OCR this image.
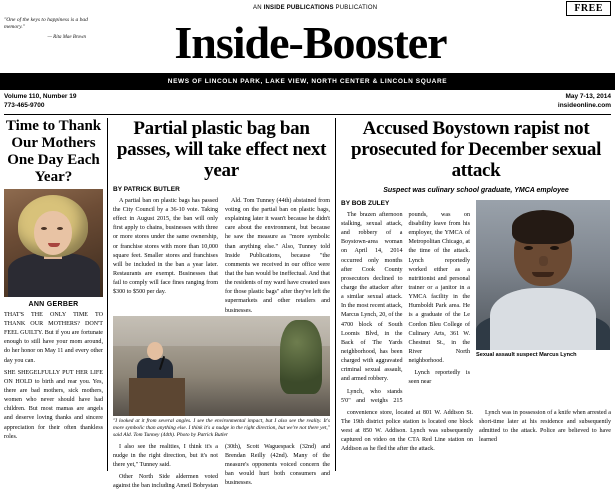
AN INSIDE PUBLICATIONS PUBLICATION	FREE
"One of the keys to happiness is a bad memory."
— Rita Mae Brown	Inside-Booster
NEWS OF LINCOLN PARK, LAKE VIEW, NORTH CENTER & LINCOLN SQUARE
Volume 110, Number 19
773-465-9700
May 7-13, 2014
insideonline.com
Time to Thank Our Mothers One Day Each Year?
ANN GERBER

THAT'S THE ONLY TIME TO THANK OUR MOTHERS? DON'T FEEL GUILTY. But if you are fortunate enough to still have your mom around, do her honor on May 11 and every other day you can.

SHE SHEGELFULLY PUT HER LIFE ON HOLD to birth and rear you. Yes, there are bad mothers, sick mothers, women who never should have had children. But most mamas are angels and deserve loving thanks and sincere appreciation for their often thankless roles.

Partial plastic bag ban passes, will take effect next year
BY PATRICK BUTLER

A partial ban on plastic bags has passed the City Council by a 36-10 vote. Taking effect in August 2015, the ban will only first apply to chains, businesses with three or more stores under the same ownership, or franchise stores with more than 10,000 square feet. Smaller stores and franchises will be included in the ban a year later. Restaurants are exempt. Businesses that fail to comply will face fines ranging from $300 to $500 per day.

Ald. Tom Tunney (44th) abstained from voting on the partial ban on plastic bags, explaining later it wasn't because he didn't care about the environment, but because he saw the measure as "more symbolic than anything else." Also, Tunney told Inside Publications, because "the comments we received in our office were that the ban would be ineffectual. And that the residents of my ward have created uses for those plastic bags" after they've left the supermarkets and other retailers and businesses.

"I looked at it from several angles. I see the environmental impact, but I also see the reality. It's more symbolic than anything else. I think it's a nudge in the right direction, but we're not there yet," said Ald. Tom Tunney (44th). Photo by Patrick Butler

I also see the realities, I think it's a nudge in the right direction, but it's not there yet," Tunney said.

Other North Side aldermen voted against the ban including Ameil Bobrystan (30th), Scott Waguespack (32nd) and Brendan Reilly (42nd). Many of the measure's opponents voiced concern the ban would hurt both consumers and businesses.

Accused Boystown rapist not prosecuted for December sexual attack
Suspect was culinary school graduate, YMCA employee
BY BOB ZULEY

The brazen afternoon stalking, sexual attack, and robbery of a Boystown-area woman on April 14, 2014 occurred only months after Cook County prosecutors declined to charge the attacker after a similar sexual attack. In the most recent attack, Marcus Lynch, 20, of the 4700 block of South Loomis Blvd, in the Back of The Yards neighborhood, has been charged with aggravated criminal sexual assault, and armed robbery.

Lynch, who stands 5'0" and weighs 215 pounds, was on disability leave from his employer, the YMCA of Metropolitan Chicago, at the time of the attack. Lynch reportedly worked either as a nutritionist and personal trainer or a janitor in a YMCA facility in the Humboldt Park area. He is a graduate of the Le Cordon Bleu College of Culinary Arts, 361 W. Chestnut St., in the River North neighborhood.

Lynch reportedly is seen near

Sexual assault suspect Marcus Lynch

convenience store, located at 801 W. Addison St. The 19th district police station is located one block west at 850 W. Addison. Lynch was subsequently captured on video on the CTA Red Line station on Addison as he fled the after the attack.

Lynch was in possession of a knife when arrested a short-time later at his residence and subsequently admitted to the attack. Police are believed to have learned
